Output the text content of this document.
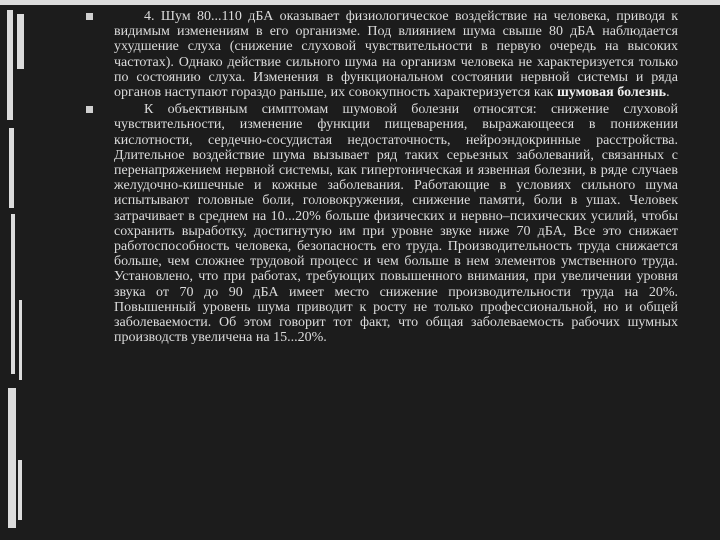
4. Шум 80...110 дБА оказывает физиологическое воздействие на человека, приводя к видимым изменениям в его организме. Под влиянием шума свыше 80 дБА наблюдается ухудшение слуха (снижение слуховой чувствительности в первую очередь на высоких частотах). Однако действие сильного шума на организм человека не характеризуется только по состоянию слуха. Изменения в функциональном состоянии нервной системы и ряда органов наступают гораздо раньше, их совокупность характеризуется как шумовая болезнь.

К объективным симптомам шумовой болезни относятся: снижение слуховой чувствительности, изменение функции пищеварения, выражающееся в понижении кислотности, сердечно-сосудистая недостаточность, нейроэндокринные расстройства. Длительное воздействие шума вызывает ряд таких серьезных заболеваний, связанных с перенапряжением нервной системы, как гипертоническая и язвенная болезни, в ряде случаев желудочно-кишечные и кожные заболевания. Работающие в условиях сильного шума испытывают головные боли, головокружения, снижение памяти, боли в ушах. Человек затрачивает в среднем на 10...20% больше физических и нервно–психических усилий, чтобы сохранить выработку, достигнутую им при уровне звуке ниже 70 дБА, Все это снижает работоспособность человека, безопасность его труда. Производительность труда снижается больше, чем сложнее трудовой процесс и чем больше в нем элементов умственного труда. Установлено, что при работах, требующих повышенного внимания, при увеличении уровня звука от 70 до 90 дБА имеет место снижение производительности труда на 20%. Повышенный уровень шума приводит к росту не только профессиональной, но и общей заболеваемости. Об этом говорит тот факт, что общая заболеваемость рабочих шумных производств увеличена на 15...20%.
